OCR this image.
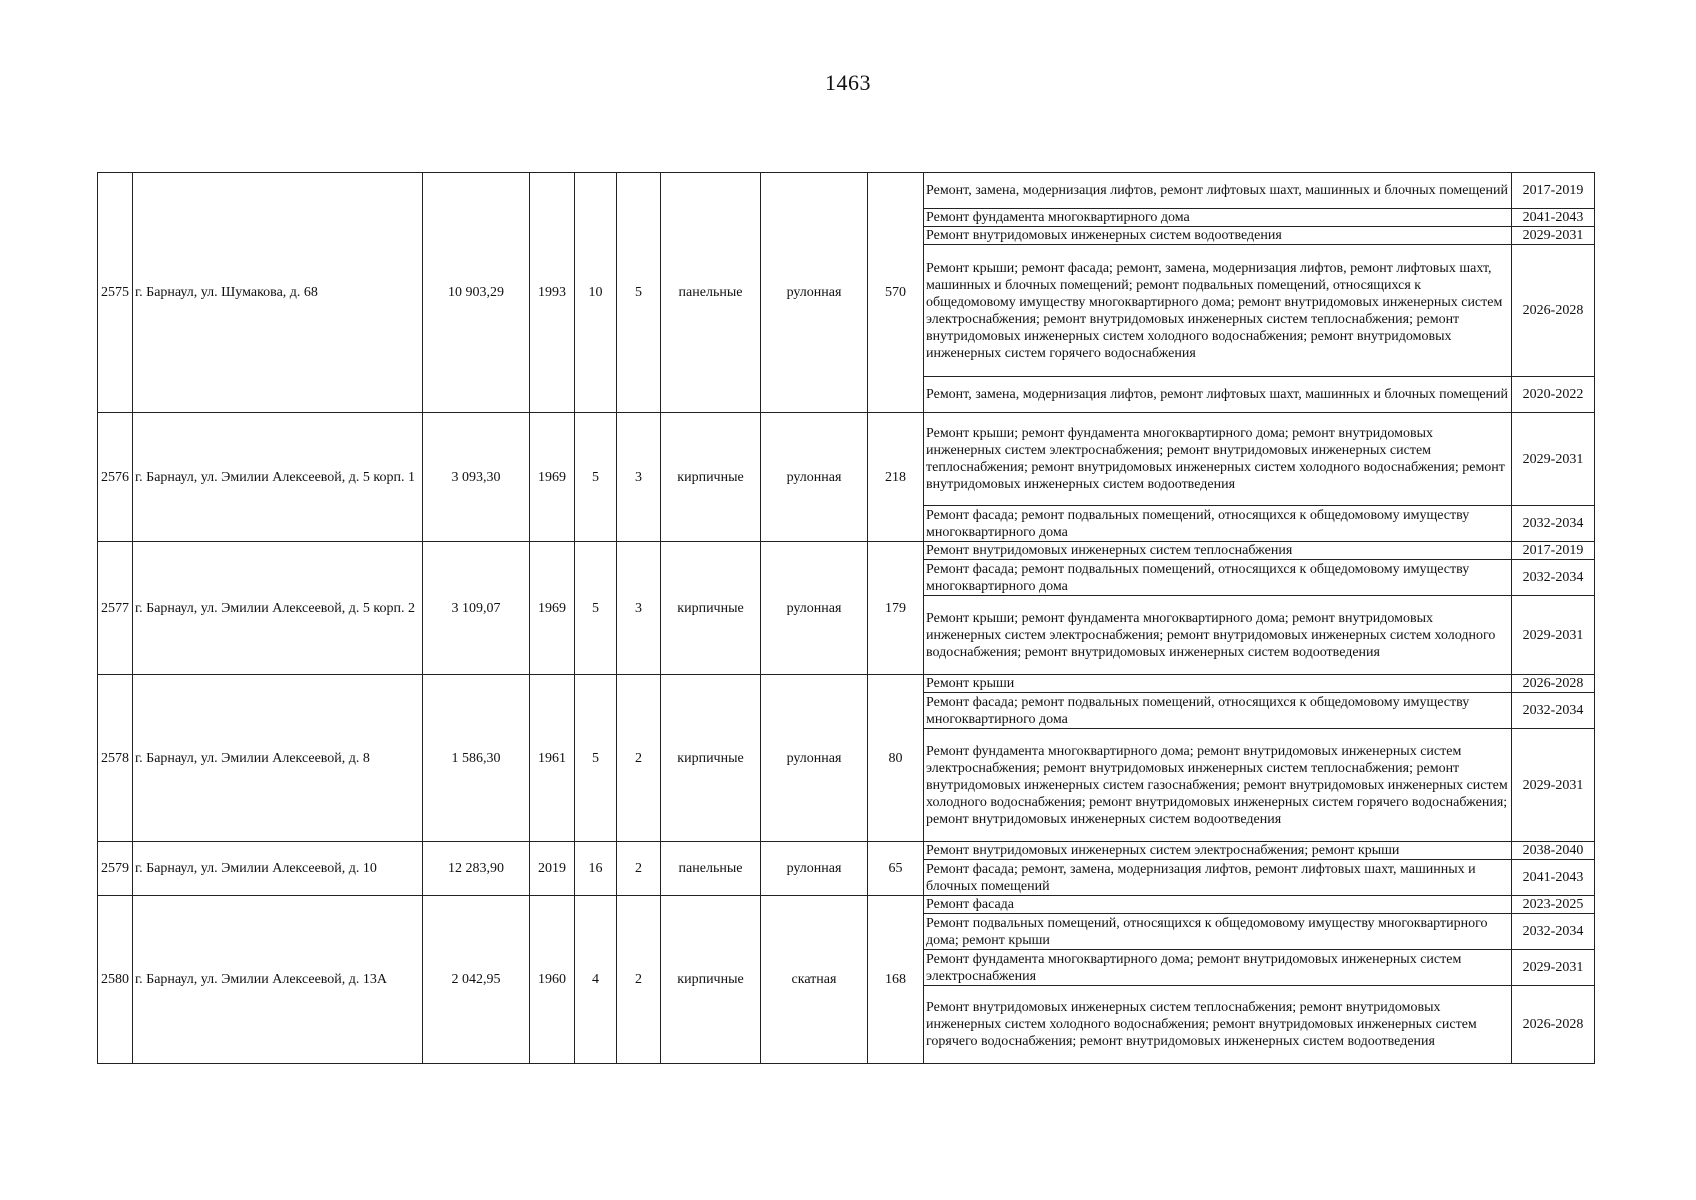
1463
2575	г. Барнаул, ул. Шумакова, д. 68	10 903,29	1993	10	5	панельные	рулонная	570	Ремонт, замена, модернизация лифтов, ремонт лифтовых шахт, машинных и блочных помещений	2017-2019
									Ремонт фундамента многоквартирного дома	2041-2043
									Ремонт внутридомовых инженерных систем водоотведения	2029-2031
									Ремонт крыши; ремонт фасада; ремонт, замена, модернизация лифтов, ремонт лифтовых шахт, машинных и блочных помещений; ремонт подвальных помещений, относящихся к общедомовому имуществу многоквартирного дома; ремонт внутридомовых инженерных систем электроснабжения; ремонт внутридомовых инженерных систем теплоснабжения; ремонт внутридомовых инженерных систем холодного водоснабжения; ремонт внутридомовых инженерных систем горячего водоснабжения	2026-2028
									Ремонт, замена, модернизация лифтов, ремонт лифтовых шахт, машинных и блочных помещений	2020-2022
2576	г. Барнаул, ул. Эмилии Алексеевой, д. 5 корп. 1	3 093,30	1969	5	3	кирпичные	рулонная	218	Ремонт крыши; ремонт фундамента многоквартирного дома; ремонт внутридомовых инженерных систем электроснабжения; ремонт внутридомовых инженерных систем теплоснабжения; ремонт внутридомовых инженерных систем холодного водоснабжения; ремонт внутридомовых инженерных систем водоотведения	2029-2031
									Ремонт фасада; ремонт подвальных помещений, относящихся к общедомовому имуществу многоквартирного дома	2032-2034
2577	г. Барнаул, ул. Эмилии Алексеевой, д. 5 корп. 2	3 109,07	1969	5	3	кирпичные	рулонная	179	Ремонт внутридомовых инженерных систем теплоснабжения	2017-2019
									Ремонт фасада; ремонт подвальных помещений, относящихся к общедомовому имуществу многоквартирного дома	2032-2034
									Ремонт крыши; ремонт фундамента многоквартирного дома; ремонт внутридомовых инженерных систем электроснабжения; ремонт внутридомовых инженерных систем холодного водоснабжения; ремонт внутридомовых инженерных систем водоотведения	2029-2031
2578	г. Барнаул, ул. Эмилии Алексеевой, д. 8	1 586,30	1961	5	2	кирпичные	рулонная	80	Ремонт крыши	2026-2028
									Ремонт фасада; ремонт подвальных помещений, относящихся к общедомовому имуществу многоквартирного дома	2032-2034
									Ремонт фундамента многоквартирного дома; ремонт внутридомовых инженерных систем электроснабжения; ремонт внутридомовых инженерных систем теплоснабжения; ремонт внутридомовых инженерных систем газоснабжения; ремонт внутридомовых инженерных систем холодного водоснабжения; ремонт внутридомовых инженерных систем горячего водоснабжения; ремонт внутридомовых инженерных систем водоотведения	2029-2031
2579	г. Барнаул, ул. Эмилии Алексеевой, д. 10	12 283,90	2019	16	2	панельные	рулонная	65	Ремонт внутридомовых инженерных систем электроснабжения; ремонт крыши	2038-2040
									Ремонт фасада; ремонт, замена, модернизация лифтов, ремонт лифтовых шахт, машинных и блочных помещений	2041-2043
2580	г. Барнаул, ул. Эмилии Алексеевой, д. 13А	2 042,95	1960	4	2	кирпичные	скатная	168	Ремонт фасада	2023-2025
									Ремонт подвальных помещений, относящихся к общедомовому имуществу многоквартирного дома; ремонт крыши	2032-2034
									Ремонт фундамента многоквартирного дома; ремонт внутридомовых инженерных систем электроснабжения	2029-2031
									Ремонт внутридомовых инженерных систем теплоснабжения; ремонт внутридомовых инженерных систем холодного водоснабжения; ремонт внутридомовых инженерных систем горячего водоснабжения; ремонт внутридомовых инженерных систем водоотведения	2026-2028
